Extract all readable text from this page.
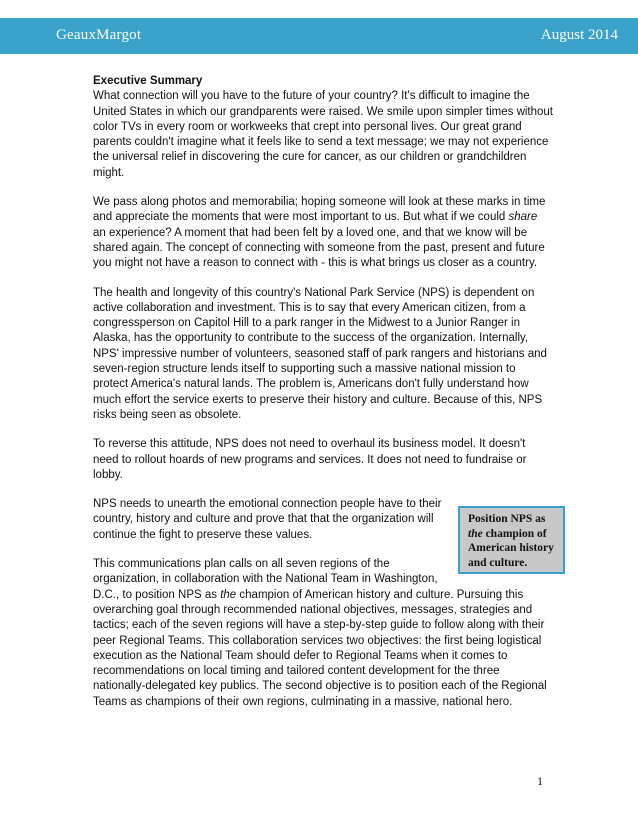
GeauxMargot	August 2014
Executive Summary

What connection will you have to the future of your country? It's difficult to imagine the United States in which our grandparents were raised. We smile upon simpler times without color TVs in every room or workweeks that crept into personal lives. Our great grand parents couldn't imagine what it feels like to send a text message; we may not experience the universal relief in discovering the cure for cancer, as our children or grandchildren might.

We pass along photos and memorabilia; hoping someone will look at these marks in time and appreciate the moments that were most important to us. But what if we could share an experience? A moment that had been felt by a loved one, and that we know will be shared again. The concept of connecting with someone from the past, present and future you might not have a reason to connect with - this is what brings us closer as a country.

The health and longevity of this country's National Park Service (NPS) is dependent on active collaboration and investment. This is to say that every American citizen, from a congressperson on Capitol Hill to a park ranger in the Midwest to a Junior Ranger in Alaska, has the opportunity to contribute to the success of the organization. Internally, NPS' impressive number of volunteers, seasoned staff of park rangers and historians and seven-region structure lends itself to supporting such a massive national mission to protect America's natural lands. The problem is, Americans don't fully understand how much effort the service exerts to preserve their history and culture. Because of this, NPS risks being seen as obsolete.

To reverse this attitude, NPS does not need to overhaul its business model. It doesn't need to rollout hoards of new programs and services. It does not need to fundraise or lobby.

NPS needs to unearth the emotional connection people have to their country, history and culture and prove that that the organization will continue the fight to preserve these values.

This communications plan calls on all seven regions of the organization, in collaboration with the National Team in Washington, D.C., to position NPS as the champion of American history and culture. Pursuing this overarching goal through recommended national objectives, messages, strategies and tactics; each of the seven regions will have a step-by-step guide to follow along with their peer Regional Teams. This collaboration services two objectives: the first being logistical execution as the National Team should defer to Regional Teams when it comes to recommendations on local timing and tailored content development for the three nationally-delegated key publics. The second objective is to position each of the Regional Teams as champions of their own regions, culminating in a massive, national hero.

Position NPS as the champion of American history and culture.
1
